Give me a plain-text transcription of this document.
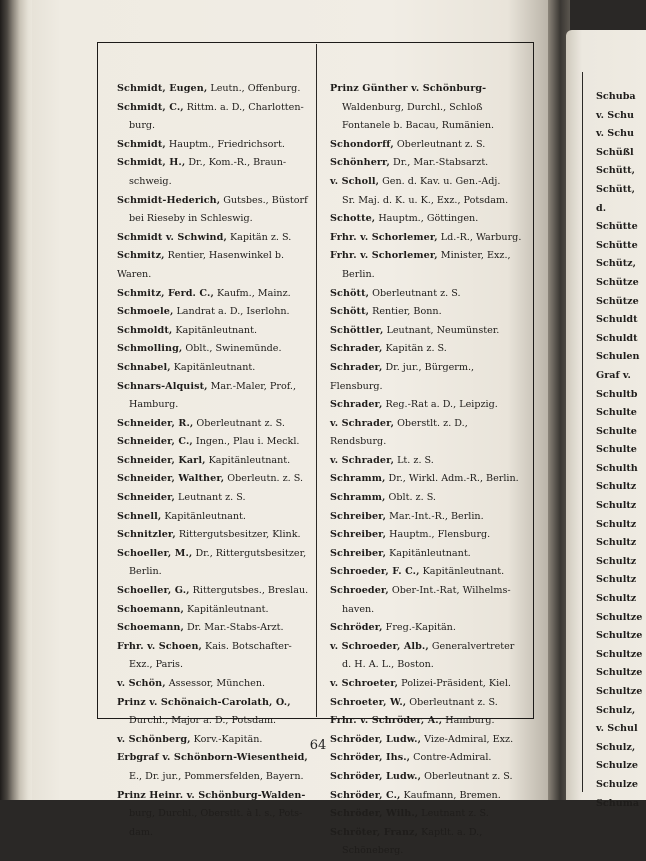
Schmidt, Eugen, Leutn., Offenburg.
Schmidt, C., Rittm. a. D., Charlotten-
burg.
Schmidt, Hauptm., Friedrichsort.
Schmidt, H., Dr., Kom.-R., Braun-
schweig.
Schmidt-Hederich, Gutsbes., Büstorf
bei Rieseby in Schleswig.
Schmidt v. Schwind, Kapitän z. S.
Schmitz, Rentier, Hasenwinkel b. Waren.
Schmitz, Ferd. C., Kaufm., Mainz.
Schmoele, Landrat a. D., Iserlohn.
Schmoldt, Kapitänleutnant.
Schmolling, Oblt., Swinemünde.
Schnabel, Kapitänleutnant.
Schnars-Alquist, Mar.-Maler, Prof.,
Hamburg.
Schneider, R., Oberleutnant z. S.
Schneider, C., Ingen., Plau i. Meckl.
Schneider, Karl, Kapitänleutnant.
Schneider, Walther, Oberleutn. z. S.
Schneider, Leutnant z. S.
Schnell, Kapitänleutnant.
Schnitzler, Rittergutsbesitzer, Klink.
Schoeller, M., Dr., Rittergutsbesitzer,
Berlin.
Schoeller, G., Rittergutsbes., Breslau.
Schoemann, Kapitänleutnant.
Schoemann, Dr. Mar.-Stabs-Arzt.
Frhr. v. Schoen, Kais. Botschafter-
Exz., Paris.
v. Schön, Assessor, München.
Prinz v. Schönaich-Carolath, O.,
Durchl., Major a. D., Potsdam.
v. Schönberg, Korv.-Kapitän.
Erbgraf v. Schönborn-Wiesentheid,
E., Dr. jur., Pommersfelden, Bayern.
Prinz Heinr. v. Schönburg-Walden-
burg, Durchl., Oberstlt. à l. s., Pots-
dam.
Prinz Günther v. Schönburg-
Waldenburg, Durchl., Schloß
Fontanele b. Bacau, Rumänien.
Schondorff, Oberleutnant z. S.
Schönherr, Dr., Mar.-Stabsarzt.
v. Scholl, Gen. d. Kav. u. Gen.-Adj.
Sr. Maj. d. K. u. K., Exz., Potsdam.
Schotte, Hauptm., Göttingen.
Frhr. v. Schorlemer, Ld.-R., Warburg.
Frhr. v. Schorlemer, Minister, Exz.,
Berlin.
Schött, Oberleutnant z. S.
Schött, Rentier, Bonn.
Schöttler, Leutnant, Neumünster.
Schrader, Kapitän z. S.
Schrader, Dr. jur., Bürgerm., Flensburg.
Schrader, Reg.-Rat a. D., Leipzig.
v. Schrader, Oberstlt. z. D., Rendsburg.
v. Schrader, Lt. z. S.
Schramm, Dr., Wirkl. Adm.-R., Berlin.
Schramm, Oblt. z. S.
Schreiber, Mar.-Int.-R., Berlin.
Schreiber, Hauptm., Flensburg.
Schreiber, Kapitänleutnant.
Schroeder, F. C., Kapitänleutnant.
Schroeder, Ober-Int.-Rat, Wilhelms-
haven.
Schröder, Freg.-Kapitän.
v. Schroeder, Alb., Generalvertreter
d. H. A. L., Boston.
v. Schroeter, Polizei-Präsident, Kiel.
Schroeter, W., Oberleutnant z. S.
Frhr. v. Schröder, A., Hamburg.
Schröder, Ludw., Vize-Admiral, Exz.
Schröder, Ihs., Contre-Admiral.
Schröder, Ludw., Oberleutnant z. S.
Schröder, C., Kaufmann, Bremen.
Schröder, Wilh., Leutnant z. S.
Schröter, Franz, Kaptlt. a. D.,
Schöneberg.
64
Schuba
v. Schu
v. Schu
Schüßl
Schütt,
Schütt,
d.
Schütte
Schütte
Schütz,
Schütze
Schütze
Schuldt
Schuldt
Schulen
Graf v.
Schultb
Schulte
Schulte
Schulte
Schulth
Schultz
Schultz
Schultz
Schultz
Schultz
Schultz
Schultz
Schultze
Schultze
Schultze
Schultze
Schultze
Schulz,
v. Schul
Schulz,
Schulze
Schulze
Schuma
